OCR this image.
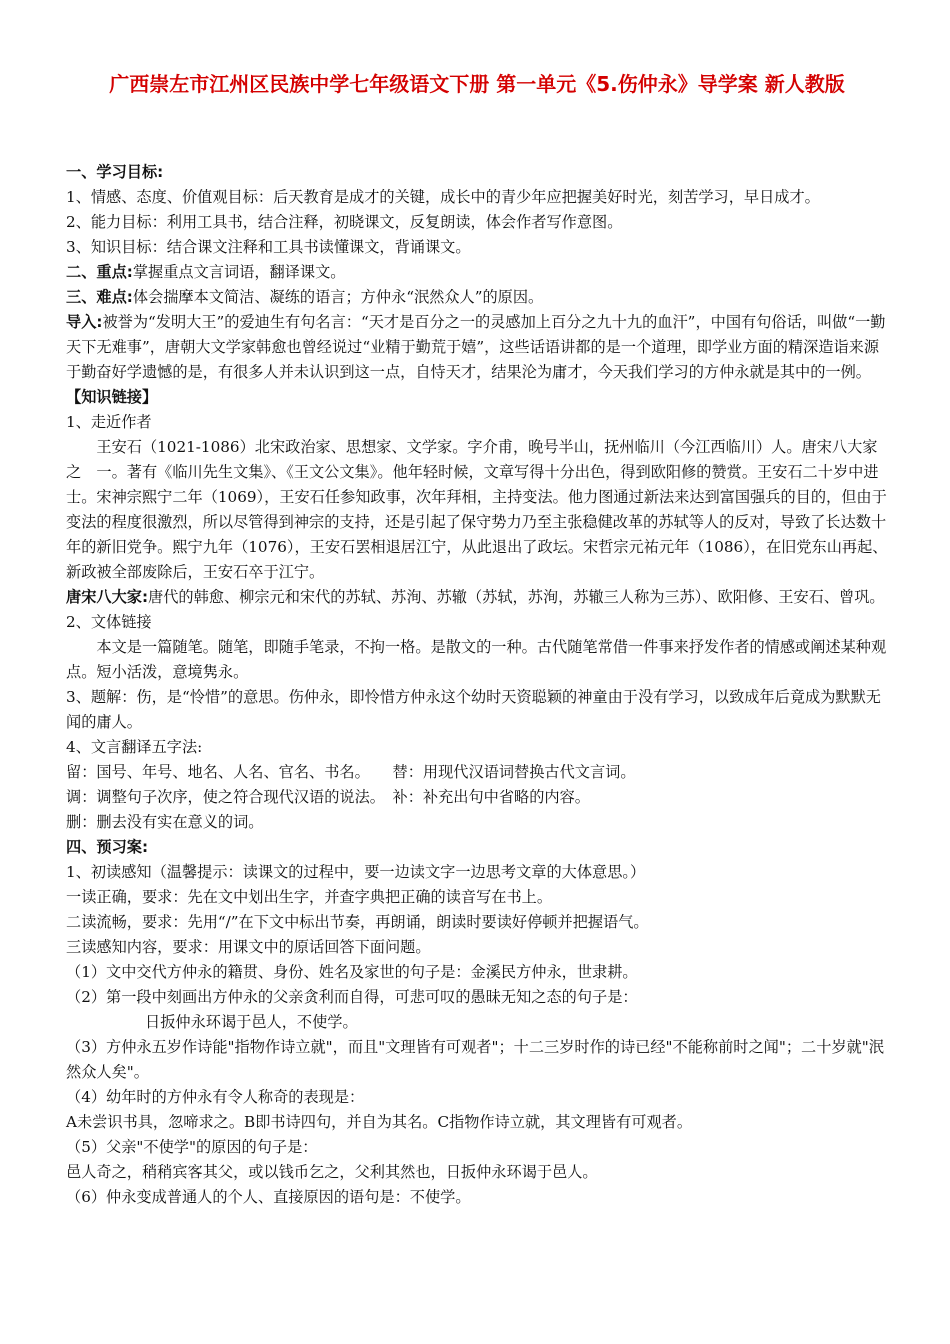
广西崇左市江州区民族中学七年级语文下册 第一单元《5.伤仲永》导学案 新人教版

一、学习目标:

1、情感、态度、价值观目标：后天教育是成才的关键，成长中的青少年应把握美好时光，刻苦学习，早日成才。

2、能力目标：利用工具书，结合注释，初晓课文，反复朗读，体会作者写作意图。

3、知识目标：结合课文注释和工具书读懂课文，背诵课文。

二、重点:掌握重点文言词语，翻译课文。

三、难点:体会揣摩本文简洁、凝练的语言；方仲永“泯然众人”的原因。

导入:被誉为“发明大王”的爱迪生有句名言：“天才是百分之一的灵感加上百分之九十九的血汗”，中国有句俗话，叫做“一勤天下无难事”，唐朝大文学家韩愈也曾经说过“业精于勤荒于嬉”，这些话语讲都的是一个道理，即学业方面的精深造诣来源于勤奋好学遗憾的是，有很多人并未认识到这一点，自恃天才，结果沦为庸才，今天我们学习的方仲永就是其中的一例。

【知识链接】

1、走近作者

王安石（1021-1086）北宋政治家、思想家、文学家。字介甫，晚号半山，抚州临川（今江西临川）人。唐宋八大家之　一。著有《临川先生文集》、《王文公文集》。他年轻时候，文章写得十分出色，得到欧阳修的赞赏。王安石二十岁中进士。宋神宗熙宁二年（1069），王安石任参知政事，次年拜相，主持变法。他力图通过新法来达到富国强兵的目的，但由于变法的程度很激烈，所以尽管得到神宗的支持，还是引起了保守势力乃至主张稳健改革的苏轼等人的反对，导致了长达数十年的新旧党争。熙宁九年（1076），王安石罢相退居江宁，从此退出了政坛。宋哲宗元祐元年（1086），在旧党东山再起、新政被全部废除后，王安石卒于江宁。

唐宋八大家:唐代的韩愈、柳宗元和宋代的苏轼、苏洵、苏辙（苏轼，苏洵，苏辙三人称为三苏）、欧阳修、王安石、曾巩。

2、文体链接

本文是一篇随笔。随笔，即随手笔录，不拘一格。是散文的一种。古代随笔常借一件事来抒发作者的情感或阐述某种观点。短小活泼，意境隽永。

3、题解：伤，是“怜惜”的意思。伤仲永，即怜惜方仲永这个幼时天资聪颖的神童由于没有学习，以致成年后竟成为默默无闻的庸人。

4、文言翻译五字法:

留：国号、年号、地名、人名、官名、书名。　　 替：用现代汉语词替换古代文言词。

调：调整句子次序，使之符合现代汉语的说法。　 补：补充出句中省略的内容。

删：删去没有实在意义的词。

四、预习案:

1、初读感知（温馨提示：读课文的过程中，要一边读文字一边思考文章的大体意思。）

一读正确，要求：先在文中划出生字，并查字典把正确的读音写在书上。

二读流畅，要求：先用“/”在下文中标出节奏，再朗诵，朗读时要读好停顿并把握语气。

三读感知内容，要求：用课文中的原话回答下面问题。

（1）文中交代方仲永的籍贯、身份、姓名及家世的句子是：金溪民方仲永，世隶耕。

（2）第一段中刻画出方仲永的父亲贪利而自得，可悲可叹的愚昧无知之态的句子是：

日扳仲永环谒于邑人，不使学。

（3）方仲永五岁作诗能"指物作诗立就"，而且"文理皆有可观者"；十二三岁时作的诗已经"不能称前时之闻"；二十岁就"泯然众人矣"。

（4）幼年时的方仲永有令人称奇的表现是：

A未尝识书具，忽啼求之。B即书诗四句，并自为其名。C指物作诗立就，其文理皆有可观者。

（5）父亲"不使学"的原因的句子是：

邑人奇之，稍稍宾客其父，或以钱币乞之，父利其然也，日扳仲永环谒于邑人。

（6）仲永变成普通人的个人、直接原因的语句是：不使学。
